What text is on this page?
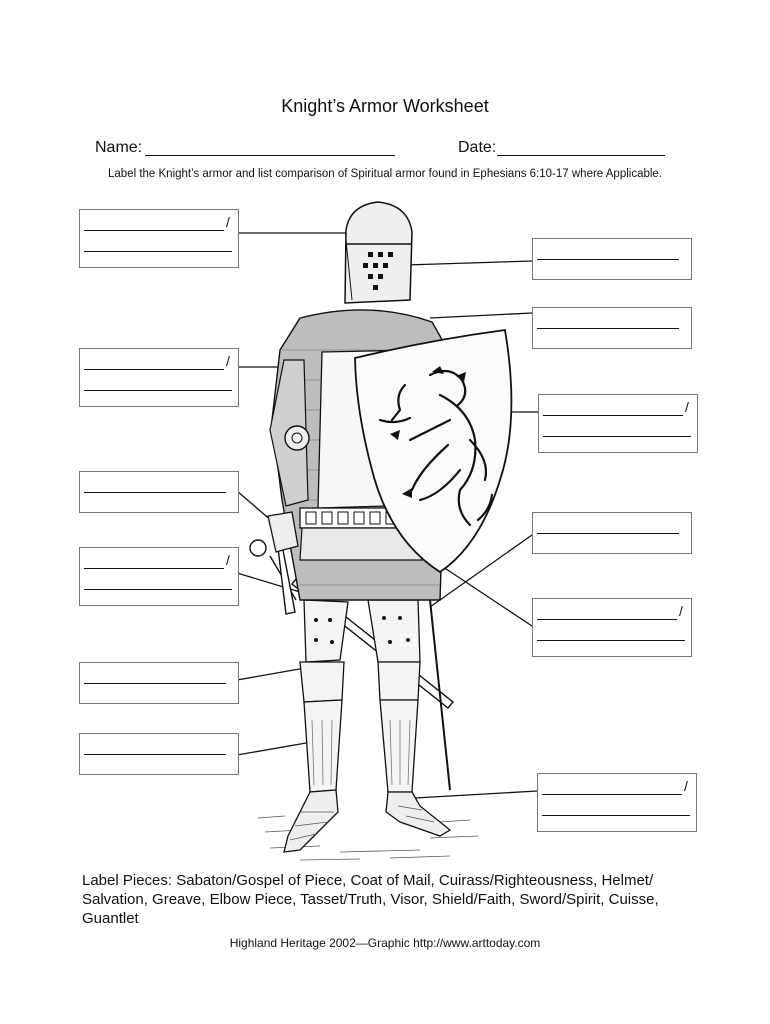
Knight’s Armor Worksheet
Name:	Date:
Label the Knight’s armor and list comparison of Spiritual armor found in Ephesians 6:10-17 where Applicable.
/
/
/
/
/
/
Label Pieces: Sabaton/Gospel of Piece, Coat of Mail, Cuirass/Righteousness, Helmet/ Salvation, Greave, Elbow Piece, Tasset/Truth, Visor, Shield/Faith, Sword/Spirit, Cuisse, Guantlet
Highland Heritage 2002—Graphic http://www.arttoday.com
